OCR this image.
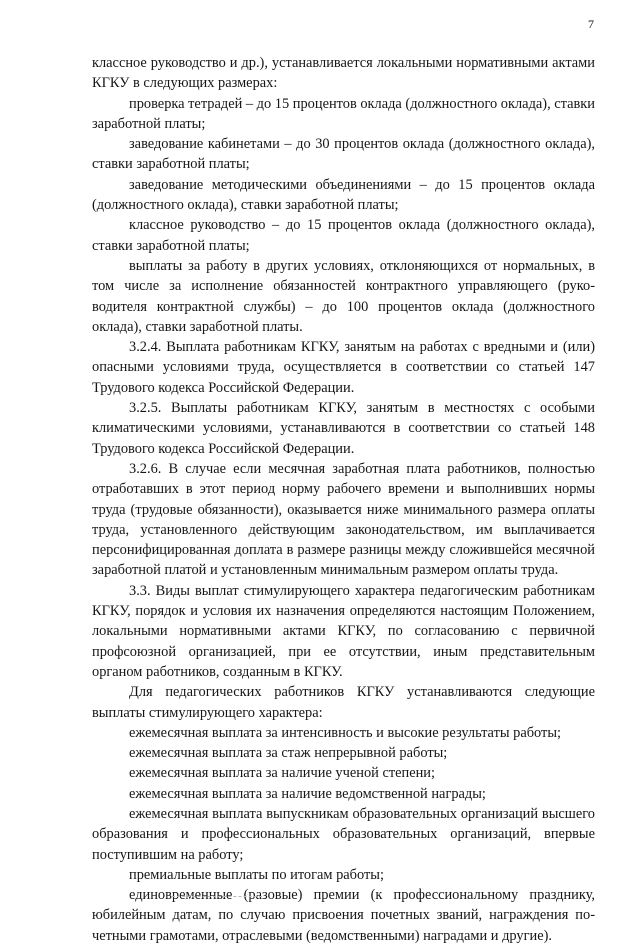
7

классное руководство и др.), устанавливается локальными нормативными актами КГКУ в следующих размерах:

проверка тетрадей – до 15 процентов оклада (должностного оклада), ставки заработной платы;

заведование кабинетами – до 30 процентов оклада (должностного оклада), ставки заработной платы;

заведование методическими объединениями – до 15 процентов оклада (должностного оклада), ставки заработной платы;

классное руководство – до 15 процентов оклада (должностного оклада), ставки заработной платы;

выплаты за работу в других условиях, отклоняющихся от нормальных, в том числе за исполнение обязанностей контрактного управляющего (руководителя контрактной службы) – до 100 процентов оклада (должностного оклада), ставки заработной платы.

3.2.4. Выплата работникам КГКУ, занятым на работах с вредными и (или) опасными условиями труда, осуществляется в соответствии со статьей 147 Трудового кодекса Российской Федерации.

3.2.5. Выплаты работникам КГКУ, занятым в местностях с особыми климатическими условиями, устанавливаются в соответствии со статьей 148 Трудового кодекса Российской Федерации.

3.2.6. В случае если месячная заработная плата работников, полностью отработавших в этот период норму рабочего времени и выполнивших нормы труда (трудовые обязанности), оказывается ниже минимального размера оплаты труда, установленного действующим законодательством, им выплачивается персонифицированная доплата в размере разницы между сложившейся месячной заработной платой и установленным минимальным размером оплаты труда.

3.3. Виды выплат стимулирующего характера педагогическим работникам КГКУ, порядок и условия их назначения определяются настоящим Положением, локальными нормативными актами КГКУ, по согласованию с первичной профсоюзной организацией, при ее отсутствии, иным представительным органом работников, созданным в КГКУ.

Для педагогических работников КГКУ устанавливаются следующие выплаты стимулирующего характера:

ежемесячная выплата за интенсивность и высокие результаты работы;

ежемесячная выплата за стаж непрерывной работы;

ежемесячная выплата за наличие ученой степени;

ежемесячная выплата за наличие ведомственной награды;

ежемесячная выплата выпускникам образовательных организаций высшего образования и профессиональных образовательных организаций, впервые поступившим на работу;

премиальные выплаты по итогам работы;

единовременные (разовые) премии (к профессиональному празднику, юбилейным датам, по случаю присвоения почетных званий, награждения почетными грамотами, отраслевыми (ведомственными) наградами и другие).
